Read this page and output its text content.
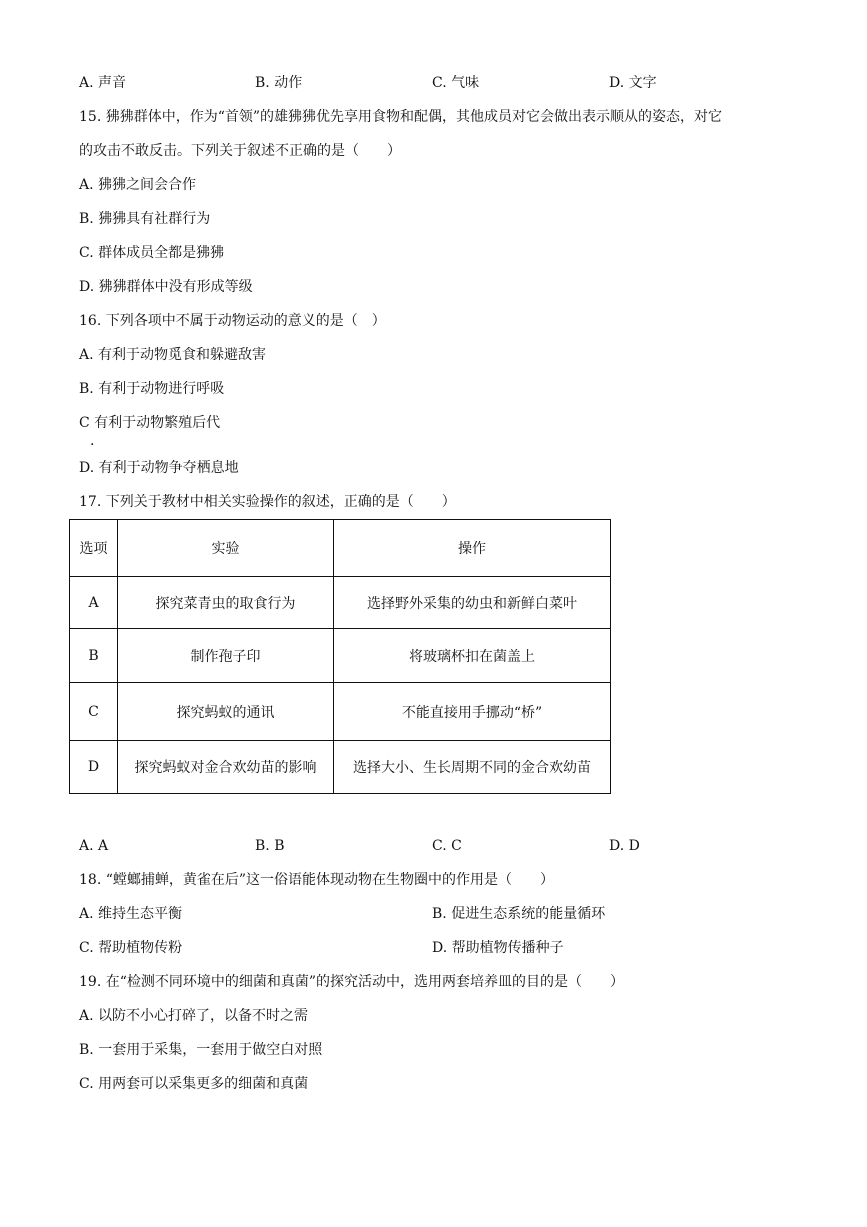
A. 声音	B. 动作	C. 气味	D. 文字
15. 狒狒群体中，作为“首领”的雄狒狒优先享用食物和配偶，其他成员对它会做出表示顺从的姿态，对它
的攻击不敢反击。下列关于叙述不正确的是（　　）
A. 狒狒之间会合作
B. 狒狒具有社群行为
C. 群体成员全都是狒狒
D. 狒狒群体中没有形成等级
16. 下列各项中不属于动物运动的意义的是（　）
A. 有利于动物觅食和躲避敌害
B. 有利于动物进行呼吸
C 有利于动物繁殖后代
.
D. 有利于动物争夺栖息地
17. 下列关于教材中相关实验操作的叙述，正确的是（　　）
选项	实验	操作
A	探究菜青虫的取食行为	选择野外采集的幼虫和新鲜白菜叶
B	制作孢子印	将玻璃杯扣在菌盖上
C	探究蚂蚁的通讯	不能直接用手挪动“桥”
D	探究蚂蚁对金合欢幼苗的影响	选择大小、生长周期不同的金合欢幼苗
A. A	B. B	C. C	D. D
18. “螳螂捕蝉，黄雀在后”这一俗语能体现动物在生物圈中的作用是（　　）
A. 维持生态平衡	B. 促进生态系统的能量循环
C. 帮助植物传粉	D. 帮助植物传播种子
19. 在“检测不同环境中的细菌和真菌”的探究活动中，选用两套培养皿的目的是（　　）
A. 以防不小心打碎了，以备不时之需
B. 一套用于采集，一套用于做空白对照
C. 用两套可以采集更多的细菌和真菌
